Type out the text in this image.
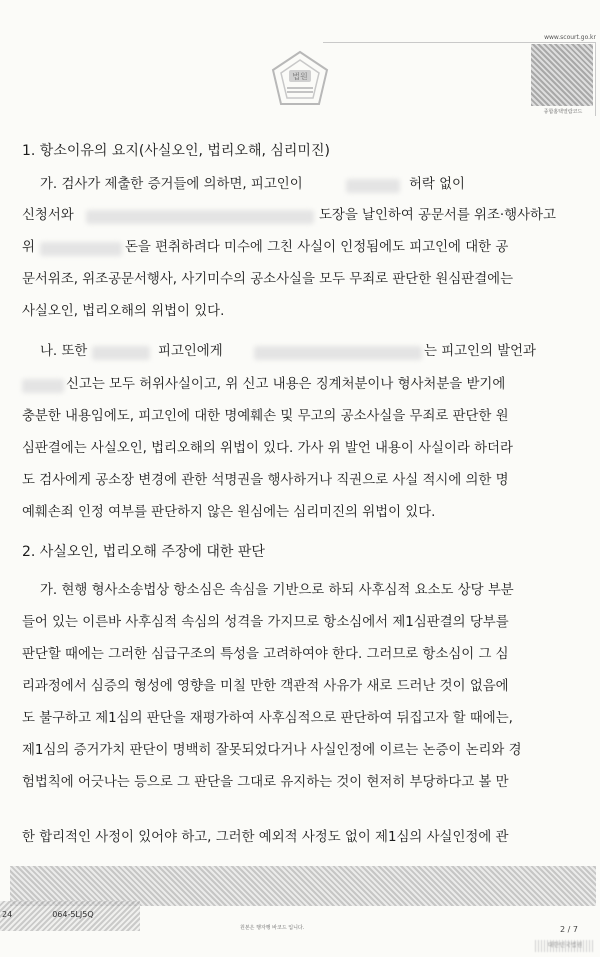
www.scourt.go.kr
종합홈택열람코드
법원
1. 항소이유의 요지(사실오인, 법리오해, 심리미진)
가. 검사가 제출한 증거들에 의하면, 피고인이	허락 없이
신청서와	도장을 날인하여 공문서를 위조·행사하고
위	돈을 편취하려다 미수에 그친 사실이 인정됨에도 피고인에 대한 공
문서위조, 위조공문서행사, 사기미수의 공소사실을 모두 무죄로 판단한 원심판결에는
사실오인, 법리오해의 위법이 있다.
나. 또한	피고인에게	는 피고인의 발언과
신고는 모두 허위사실이고, 위 신고 내용은 징계처분이나 형사처분을 받기에
충분한 내용임에도, 피고인에 대한 명예훼손 및 무고의 공소사실을 무죄로 판단한 원
심판결에는 사실오인, 법리오해의 위법이 있다. 가사 위 발언 내용이 사실이라 하더라
도 검사에게 공소장 변경에 관한 석명권을 행사하거나 직권으로 사실 적시에 의한 명
예훼손죄 인정 여부를 판단하지 않은 원심에는 심리미진의 위법이 있다.
2. 사실오인, 법리오해 주장에 대한 판단
가. 현행 형사소송법상 항소심은 속심을 기반으로 하되 사후심적 요소도 상당 부분
들어 있는 이른바 사후심적 속심의 성격을 가지므로 항소심에서 제1심판결의 당부를
판단할 때에는 그러한 심급구조의 특성을 고려하여야 한다. 그러므로 항소심이 그 심
리과정에서 심증의 형성에 영향을 미칠 만한 객관적 사유가 새로 드러난 것이 없음에
도 불구하고 제1심의 판단을 재평가하여 사후심적으로 판단하여 뒤집고자 할 때에는,
제1심의 증거가치 판단이 명백히 잘못되었다거나 사실인정에 이르는 논증이 논리와 경
험법칙에 어긋나는 등으로 그 판단을 그대로 유지하는 것이 현저히 부당하다고 볼 만
한 합리적인 사정이 있어야 하고, 그러한 예외적 사정도 없이 제1심의 사실인정에 관
24	064-5LJ5Q
원본은 행자행 바코드 입니다.	2 / 7
대한민국법원
